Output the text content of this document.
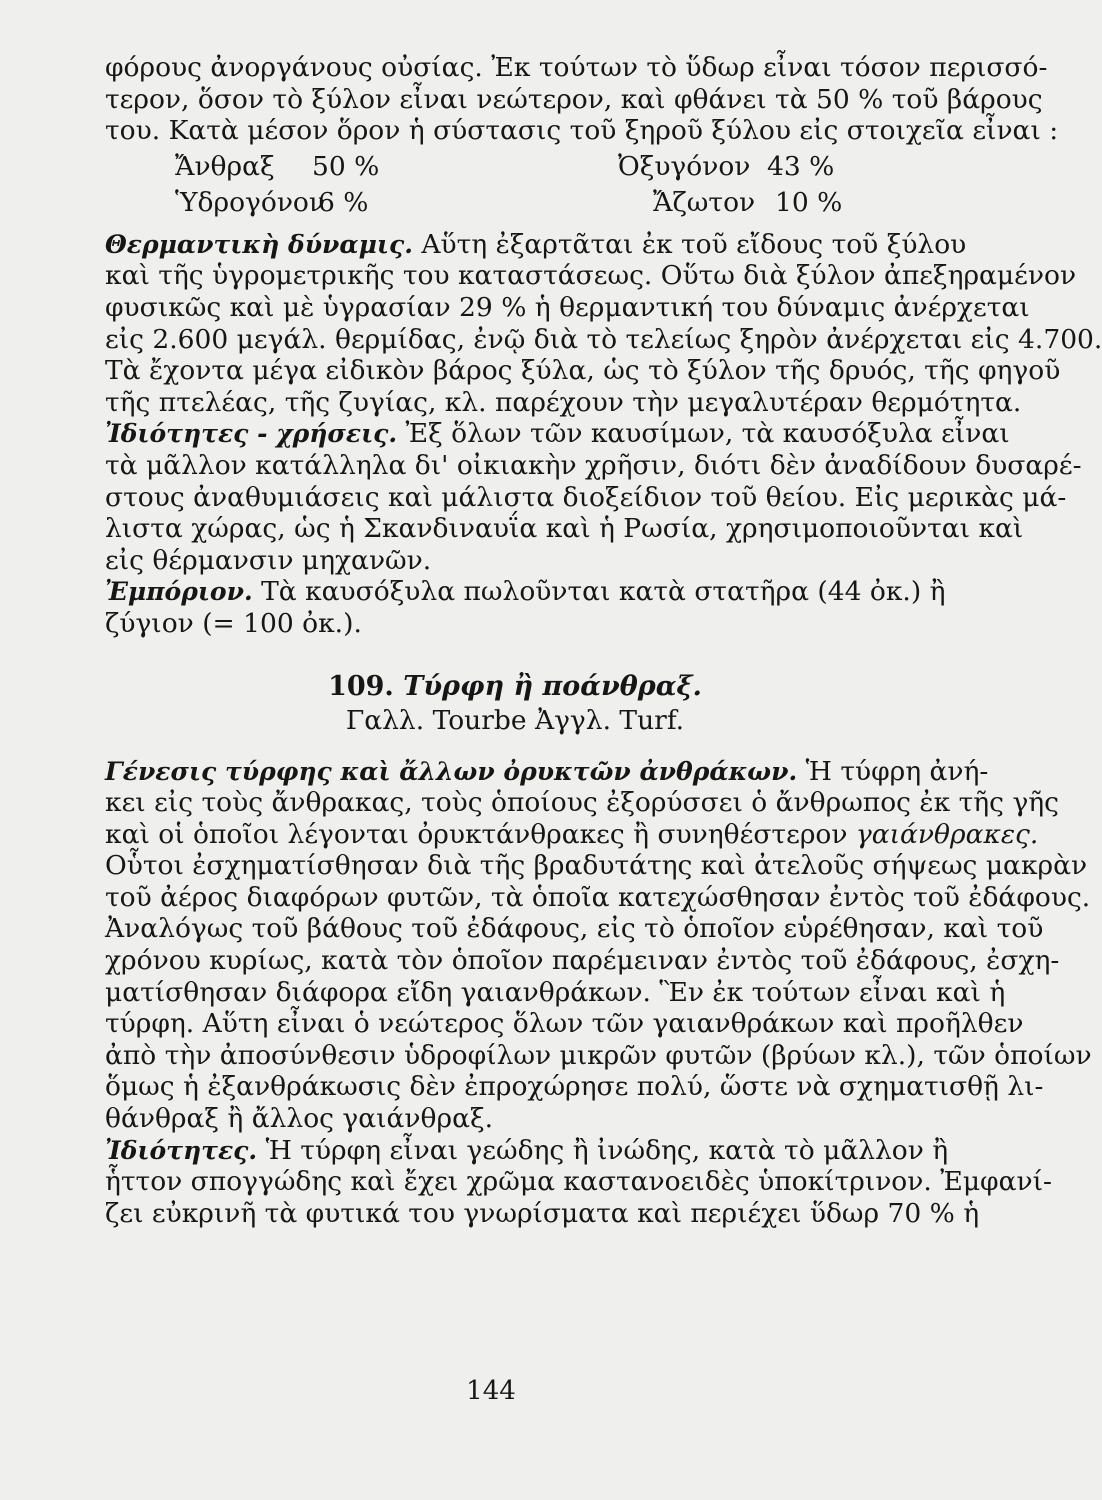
φόρους ἀνοργάνους οὐσίας. Ἐκ τούτων τὸ ὕδωρ εἶναι τόσον περισσό-
τερον, ὅσον τὸ ξύλον εἶναι νεώτερον, καὶ φθάνει τὰ 50 % τοῦ βάρους
του. Κατὰ μέσον ὅρον ἡ σύστασις τοῦ ξηροῦ ξύλου εἰς στοιχεῖα εἶναι :
Ἄνθραξ 50 %	Ὀξυγόνον 43 %
Ὑδρογόνον
6 %	Ἄζωτον 10 %
Θερμαντικὴ δύναμις. Αὕτη ἐξαρτᾶται ἐκ τοῦ εἴδους τοῦ ξύλου
καὶ τῆς ὑγρομετρικῆς του καταστάσεως. Οὕτω διὰ ξύλον ἀπεξηραμένον
φυσικῶς καὶ μὲ ὑγρασίαν 29 % ἡ θερμαντική του δύναμις ἀνέρχεται
εἰς 2.600 μεγάλ. θερμίδας, ἐνῷ διὰ τὸ τελείως ξηρὸν ἀνέρχεται εἰς 4.700.
Τὰ ἔχοντα μέγα εἰδικὸν βάρος ξύλα, ὡς τὸ ξύλον τῆς δρυός, τῆς φηγοῦ
τῆς πτελέας, τῆς ζυγίας, κλ. παρέχουν τὴν μεγαλυτέραν θερμότητα.
Ἰδιότητες - χρήσεις. Ἐξ ὅλων τῶν καυσίμων, τὰ καυσόξυλα εἶναι
τὰ μᾶλλον κατάλληλα δι' οἰκιακὴν χρῆσιν, διότι δὲν ἀναδίδουν δυσαρέ-
στους ἀναθυμιάσεις καὶ μάλιστα διοξείδιον τοῦ θείου. Εἰς μερικὰς μά-
λιστα χώρας, ὡς ἡ Σκανδιναυΐα καὶ ἡ Ρωσία, χρησιμοποιοῦνται καὶ
εἰς θέρμανσιν μηχανῶν.
Ἐμπόριον. Τὰ καυσόξυλα πωλοῦνται κατὰ στατῆρα (44 ὀκ.) ἢ
ζύγιον (= 100 ὀκ.).
109. Τύρφη ἢ ποάνθραξ.
Γαλλ. Tourbe Ἀγγλ. Turf.
Γένεσις τύρφης καὶ ἄλλων ὀρυκτῶν ἀνθράκων. Ἡ τύφρη ἀνή-
κει εἰς τοὺς ἄνθρακας, τοὺς ὁποίους ἐξορύσσει ὁ ἄνθρωπος ἐκ τῆς γῆς
καὶ οἱ ὁποῖοι λέγονται ὀρυκτάνθρακες ἢ συνηθέστερον γαιάνθρακες.
Οὗτοι ἐσχηματίσθησαν διὰ τῆς βραδυτάτης καὶ ἀτελοῦς σήψεως μακρὰν
τοῦ ἀέρος διαφόρων φυτῶν, τὰ ὁποῖα κατεχώσθησαν ἐντὸς τοῦ ἐδάφους.
Ἀναλόγως τοῦ βάθους τοῦ ἐδάφους, εἰς τὸ ὁποῖον εὑρέθησαν, καὶ τοῦ
χρόνου κυρίως, κατὰ τὸν ὁποῖον παρέμειναν ἐντὸς τοῦ ἐδάφους, ἐσχη-
ματίσθησαν διάφορα εἴδη γαιανθράκων. Ἓν ἐκ τούτων εἶναι καὶ ἡ
τύρφη. Αὕτη εἶναι ὁ νεώτερος ὅλων τῶν γαιανθράκων καὶ προῆλθεν
ἀπὸ τὴν ἀποσύνθεσιν ὑδροφίλων μικρῶν φυτῶν (βρύων κλ.), τῶν ὁποίων
ὅμως ἡ ἐξανθράκωσις δὲν ἐπροχώρησε πολύ, ὥστε νὰ σχηματισθῇ λι-
θάνθραξ ἢ ἄλλος γαιάνθραξ.
Ἰδιότητες. Ἡ τύρφη εἶναι γεώδης ἢ ἰνώδης, κατὰ τὸ μᾶλλον ἢ
ἧττον σπογγώδης καὶ ἔχει χρῶμα καστανοειδὲς ὑποκίτρινον. Ἐμφανί-
ζει εὐκρινῆ τὰ φυτικά του γνωρίσματα καὶ περιέχει ὕδωρ 70 % ἡ
144
